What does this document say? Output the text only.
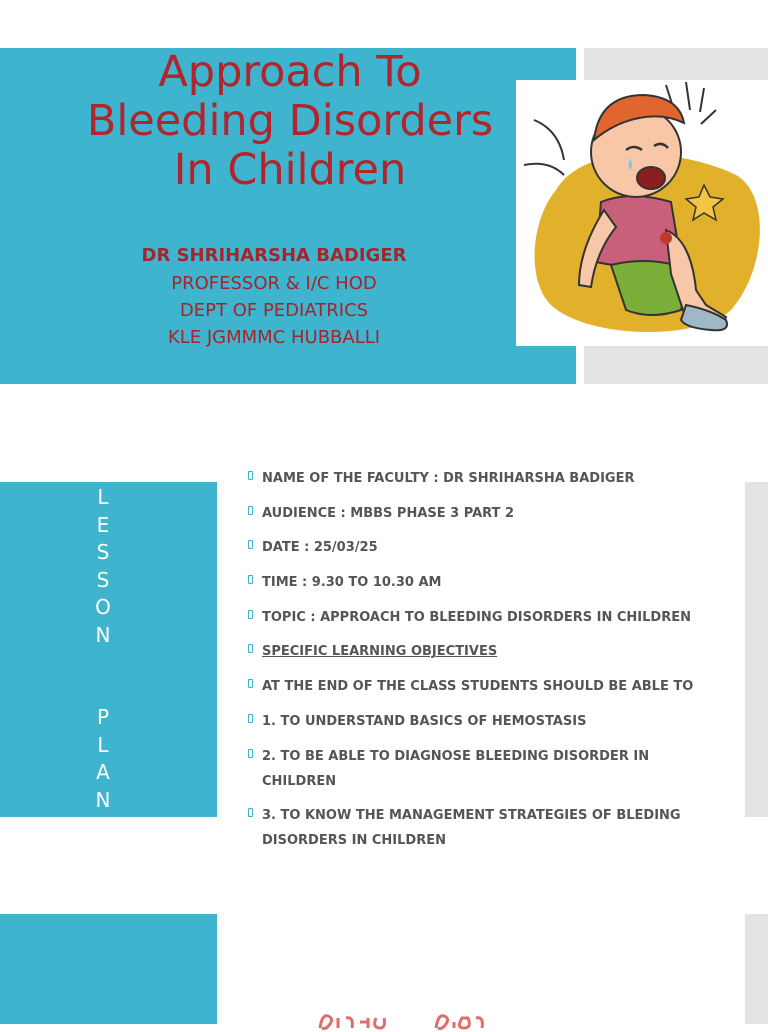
Approach To
Bleeding Disorders
In Children
DR SHRIHARSHA BADIGER
PROFESSOR & I/C HOD
DEPT OF PEDIATRICS
KLE JGMMMC HUBBALLI
L
E
S
S
O
N
P
L
A
N
NAME OF THE FACULTY : DR SHRIHARSHA BADIGER
AUDIENCE : MBBS PHASE 3 PART 2
DATE : 25/03/25
TIME : 9.30 TO 10.30 AM
TOPIC : APPROACH TO BLEEDING DISORDERS IN CHILDREN
SPECIFIC LEARNING OBJECTIVES
AT THE END OF THE CLASS STUDENTS SHOULD BE ABLE TO
1. TO UNDERSTAND BASICS OF HEMOSTASIS
2. TO BE ABLE TO DIAGNOSE BLEEDING DISORDER IN CHILDREN
3. TO KNOW THE MANAGEMENT STRATEGIES OF BLEDING DISORDERS IN CHILDREN
